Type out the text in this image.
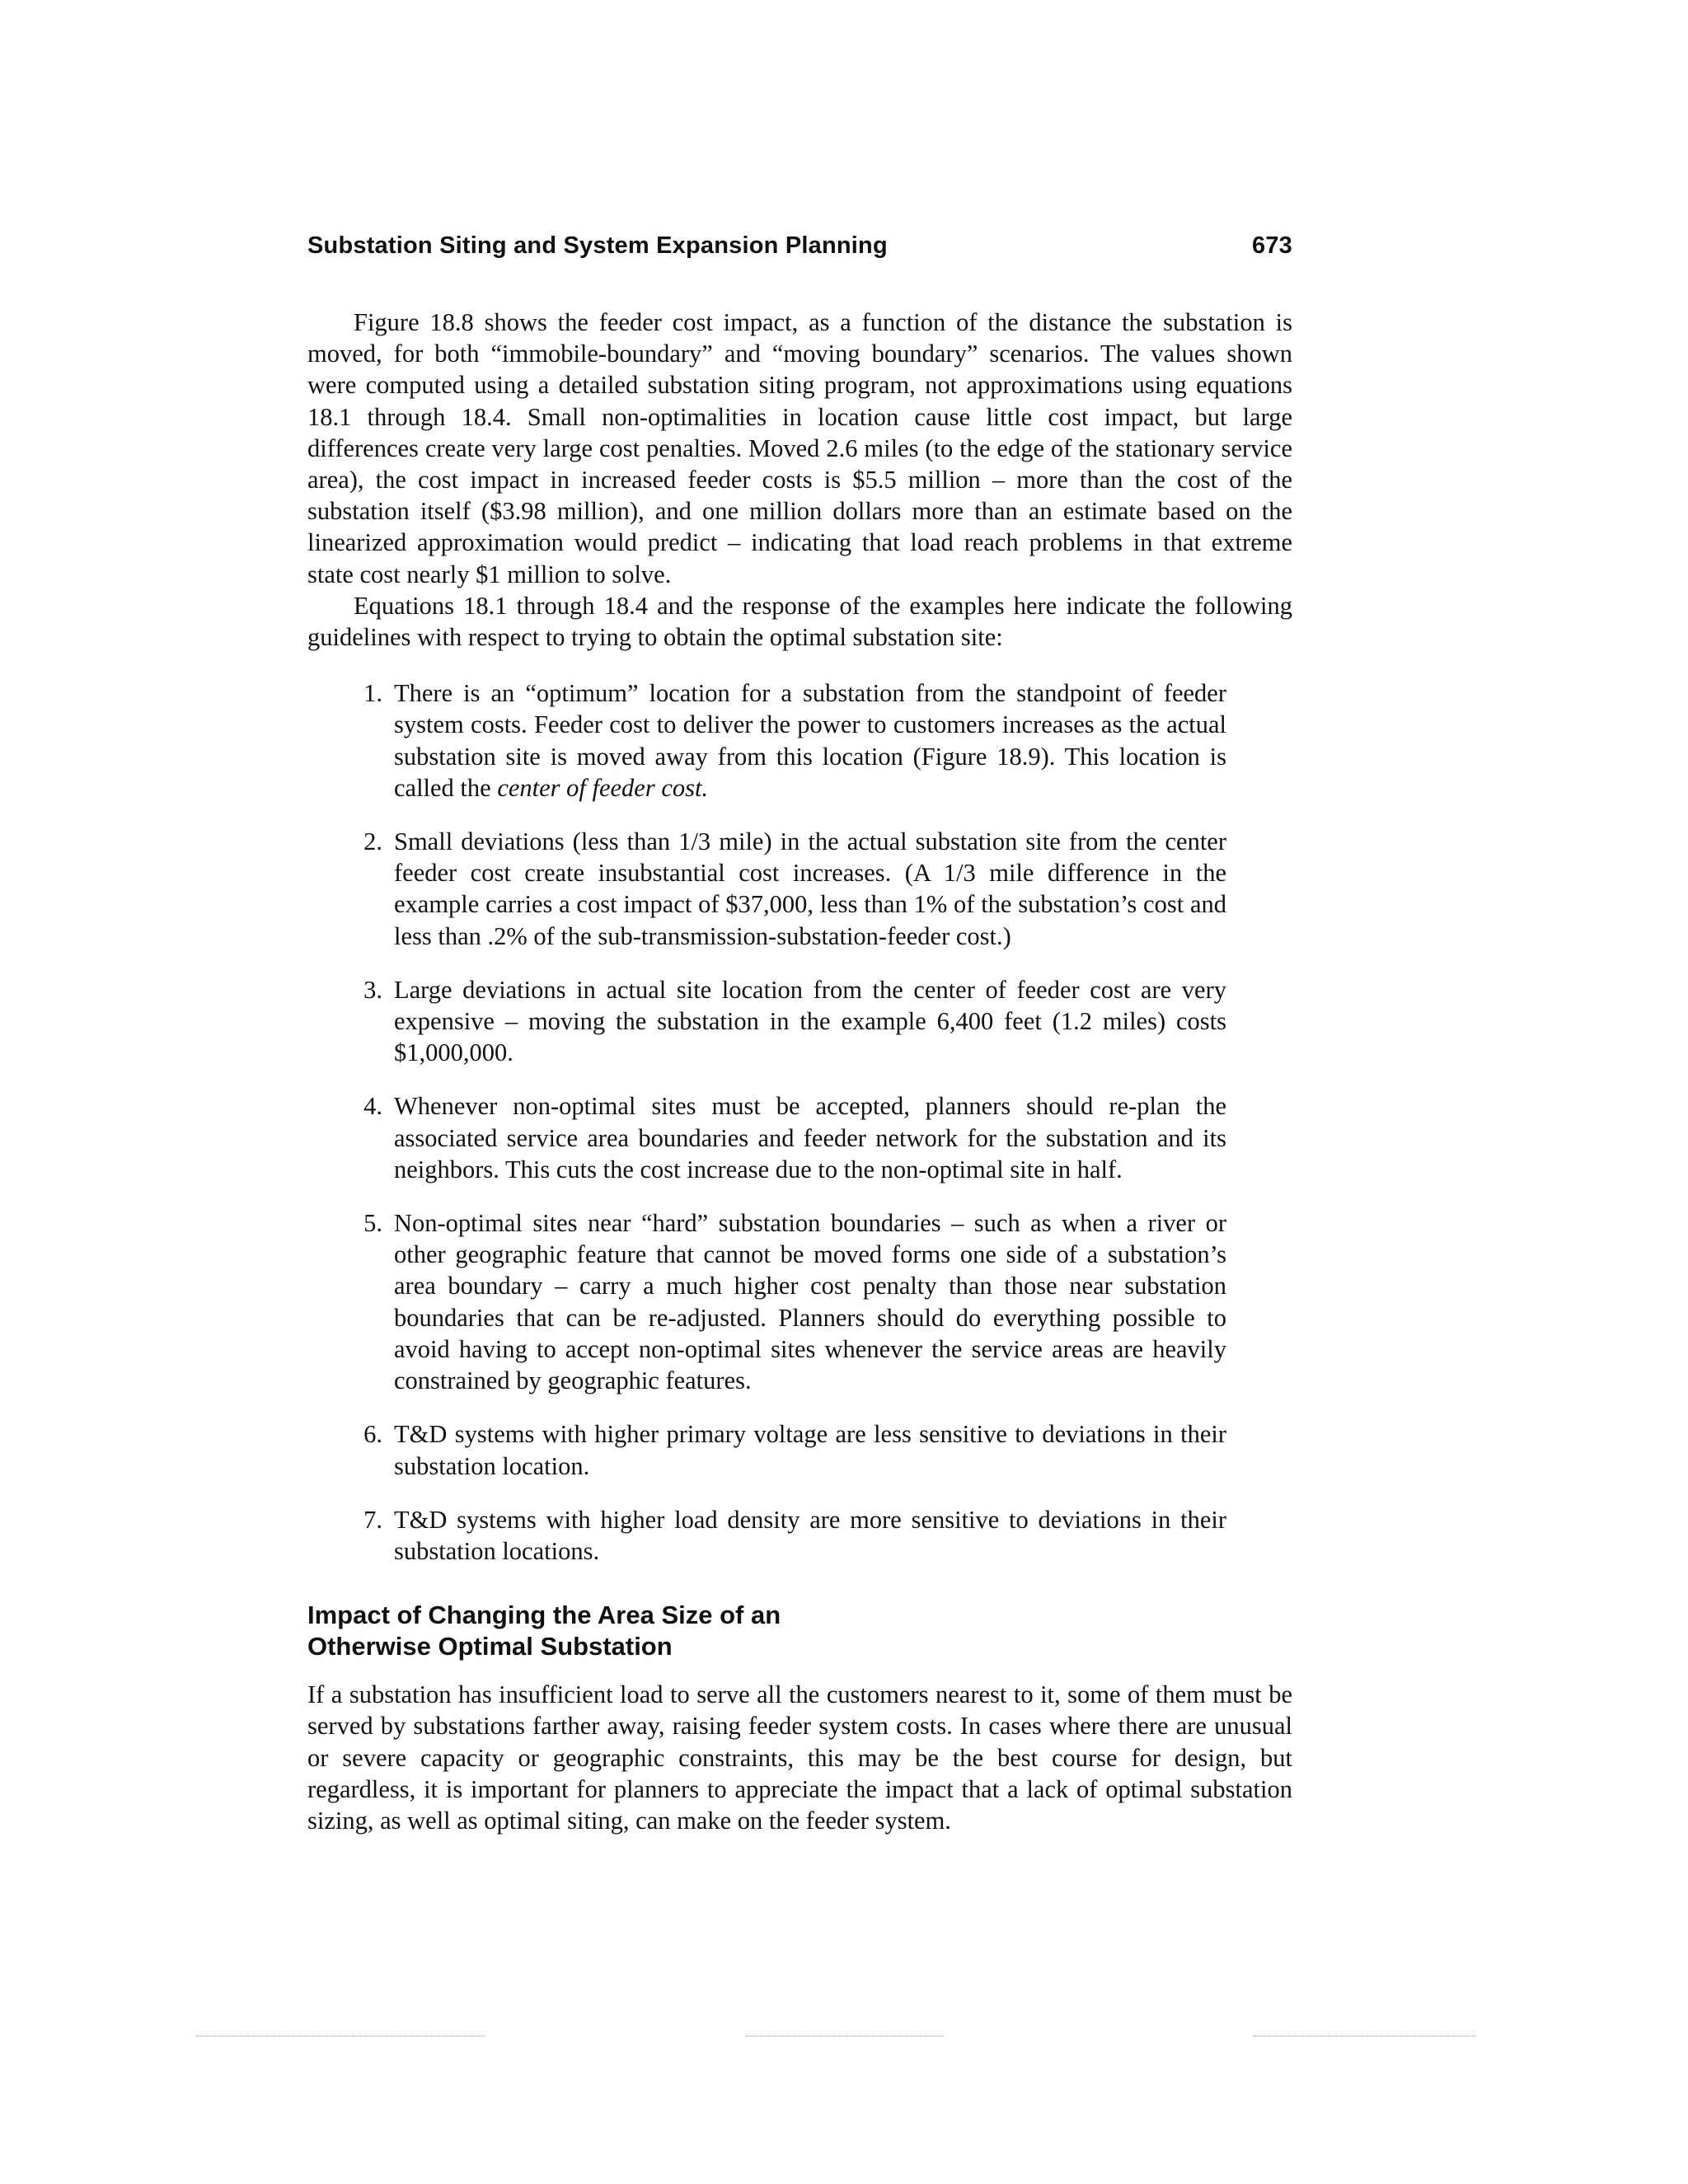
Substation Siting and System Expansion Planning	673

Figure 18.8 shows the feeder cost impact, as a function of the distance the substation is moved, for both “immobile-boundary” and “moving boundary” scenarios. The values shown were computed using a detailed substation siting program, not approximations using equations 18.1 through 18.4. Small non-optimalities in location cause little cost impact, but large differences create very large cost penalties. Moved 2.6 miles (to the edge of the stationary service area), the cost impact in increased feeder costs is $5.5 million – more than the cost of the substation itself ($3.98 million), and one million dollars more than an estimate based on the linearized approximation would predict – indicating that load reach problems in that extreme state cost nearly $1 million to solve.

Equations 18.1 through 18.4 and the response of the examples here indicate the following guidelines with respect to trying to obtain the optimal substation site:

1. There is an “optimum” location for a substation from the standpoint of feeder system costs. Feeder cost to deliver the power to customers increases as the actual substation site is moved away from this location (Figure 18.9). This location is called the center of feeder cost.
2. Small deviations (less than 1/3 mile) in the actual substation site from the center feeder cost create insubstantial cost increases. (A 1/3 mile difference in the example carries a cost impact of $37,000, less than 1% of the substation’s cost and less than .2% of the sub-transmission-substation-feeder cost.)
3. Large deviations in actual site location from the center of feeder cost are very expensive – moving the substation in the example 6,400 feet (1.2 miles) costs $1,000,000.
4. Whenever non-optimal sites must be accepted, planners should re-plan the associated service area boundaries and feeder network for the substation and its neighbors. This cuts the cost increase due to the non-optimal site in half.
5. Non-optimal sites near “hard” substation boundaries – such as when a river or other geographic feature that cannot be moved forms one side of a substation’s area boundary – carry a much higher cost penalty than those near substation boundaries that can be re-adjusted. Planners should do everything possible to avoid having to accept non-optimal sites whenever the service areas are heavily constrained by geographic features.
6. T&D systems with higher primary voltage are less sensitive to deviations in their substation location.
7. T&D systems with higher load density are more sensitive to deviations in their substation locations.
Impact of Changing the Area Size of an
Otherwise Optimal Substation

If a substation has insufficient load to serve all the customers nearest to it, some of them must be served by substations farther away, raising feeder system costs. In cases where there are unusual or severe capacity or geographic constraints, this may be the best course for design, but regardless, it is important for planners to appreciate the impact that a lack of optimal substation sizing, as well as optimal siting, can make on the feeder system.
